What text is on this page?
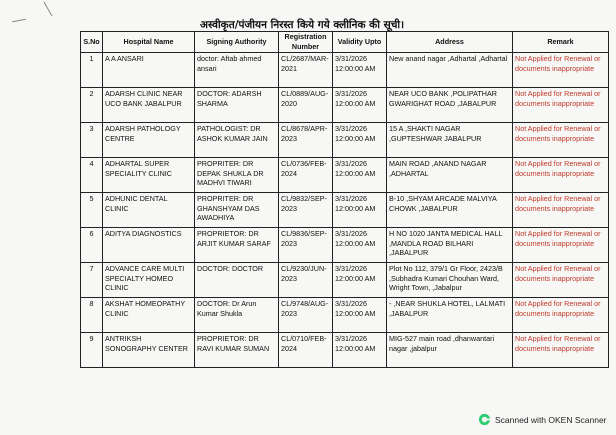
अस्वीकृत/पंजीयन निरस्त किये गये क्लीनिक की सूची।
S.No	Hospital Name	Signing Authority	Registration Number	Validity Upto	Address	Remark
1	A A ANSARI	doctor: Aftab ahmed ansari	CL/2687/MAR-2021	3/31/2026 12:00:00 AM	New anand nagar ,Adhartal ,Adhartal	Not Applied for Renewal or documents inappropriate
2	ADARSH CLINIC NEAR UCO BANK JABALPUR	DOCTOR: ADARSH SHARMA	CL/0889/AUG-2020	3/31/2026 12:00:00 AM	NEAR UCO BANK ,POLIPATHAR GWARIGHAT ROAD ,JABALPUR	Not Applied for Renewal or documents inappropriate
3	ADARSH PATHOLOGY CENTRE	PATHOLOGIST: DR ASHOK KUMAR JAIN	CL/8678/APR-2023	3/31/2026 12:00:00 AM	15 A ,SHAKTI NAGAR ,GUPTESHWAR JABALPUR	Not Applied for Renewal or documents inappropriate
4	ADHARTAL SUPER SPECIALITY CLINIC	PROPRITER: DR DEPAK SHUKLA DR MADHVI TIWARI	CL/0736/FEB-2024	3/31/2026 12:00:00 AM	MAIN ROAD ,ANAND NAGAR ,ADHARTAL	Not Applied for Renewal or documents inappropriate
5	ADHUNIC DENTAL CLINIC	PROPRITER: DR GHANSHYAM DAS AWADHIYA	CL/9832/SEP-2023	3/31/2026 12:00:00 AM	B-10 ,SHYAM ARCADE MALVIYA CHOWK ,JABALPUR	Not Applied for Renewal or documents inappropriate
6	ADITYA DIAGNOSTICS	PROPRIETOR: DR ARJIT KUMAR SARAF	CL/9836/SEP-2023	3/31/2026 12:00:00 AM	H NO 1020 JANTA MEDICAL HALL ,MANDLA ROAD BILHARI ,JABALPUR	Not Applied for Renewal or documents inappropriate
7	ADVANCE CARE MULTI SPECIALTY HOMEO CLINIC	DOCTOR: DOCTOR	CL/9230/JUN-2023	3/31/2026 12:00:00 AM	Plot No 112, 379/1 Gr Floor, 2423/B ,Subhadra Kumari Chouhan Ward, Wright Town, ,Jabalpur	Not Applied for Renewal or documents inappropriate
8	AKSHAT HOMEOPATHY CLINIC	DOCTOR: Dr Arun Kumar Shukla	CL/9748/AUG-2023	3/31/2026 12:00:00 AM	- ,NEAR SHUKLA HOTEL, LALMATI ,JABALPUR	Not Applied for Renewal or documents inappropriate
9	ANTRIKSH SONOGRAPHY CENTER	PROPRIETOR: DR RAVI KUMAR SUMAN	CL/0710/FEB-2024	3/31/2026 12:00:00 AM	MIG-527 main road ,dhanwantari nagar ,jabalpur	Not Applied for Renewal or documents inappropriate
Scanned with OKEN Scanner
